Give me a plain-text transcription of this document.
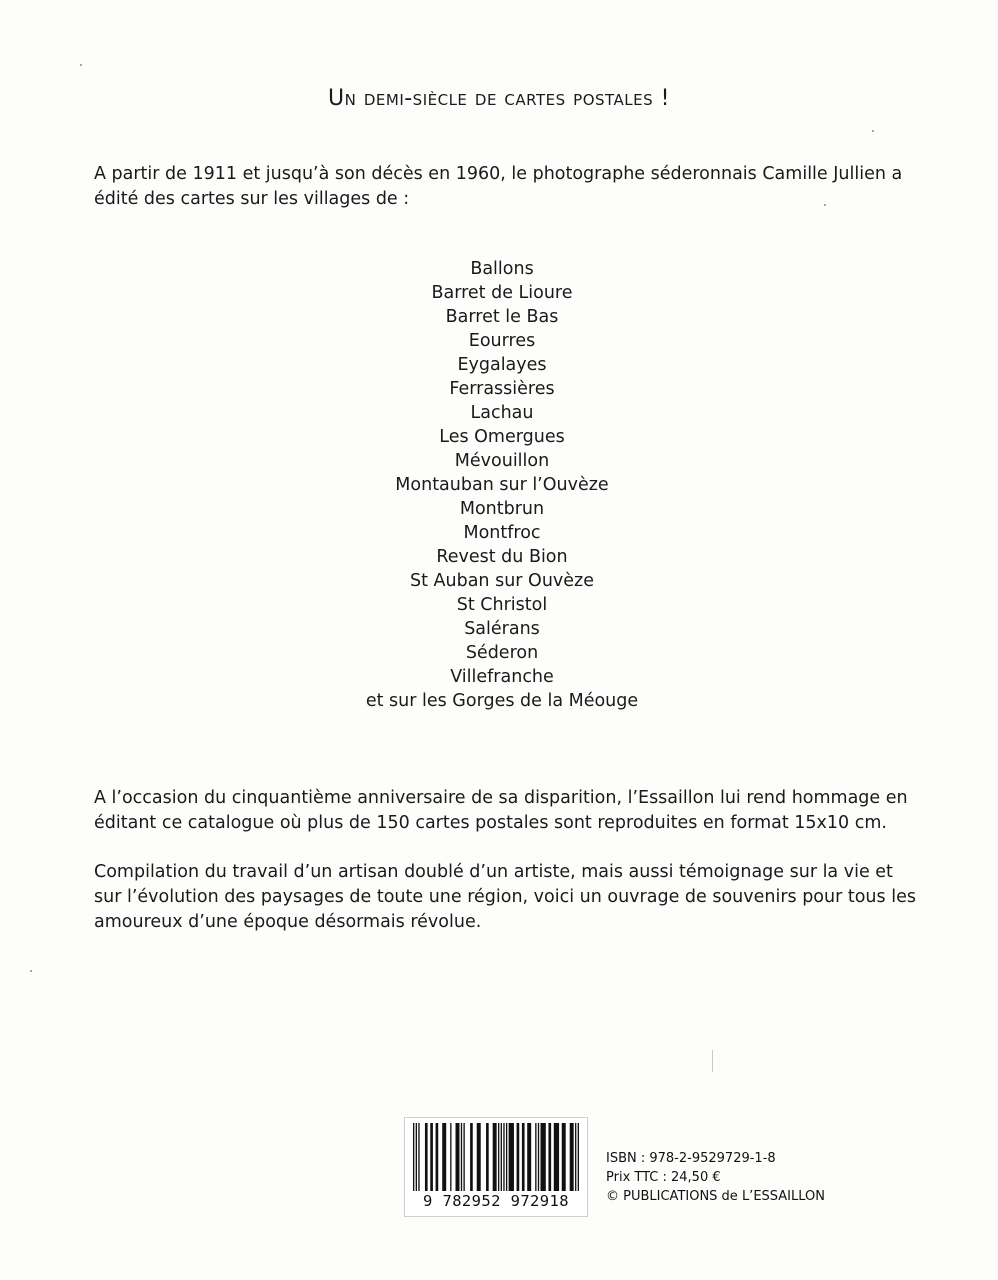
Un demi-siècle de cartes postales !

A partir de 1911 et jusqu’à son décès en 1960, le photographe séderonnais Camille Jullien a édité des cartes sur les villages de :

Ballons
Barret de Lioure
Barret le Bas
Eourres
Eygalayes
Ferrassières
Lachau
Les Omergues
Mévouillon
Montauban sur l’Ouvèze
Montbrun
Montfroc
Revest du Bion
St Auban sur Ouvèze
St Christol
Salérans
Séderon
Villefranche
et sur les Gorges de la Méouge

A l’occasion du cinquantième anniversaire de sa disparition, l’Essaillon lui rend hommage en éditant ce catalogue où plus de 150 cartes postales sont reproduites en format 15x10 cm.

Compilation du travail d’un artisan doublé d’un artiste, mais aussi témoignage sur la vie et sur l’évolution des paysages de toute une région, voici un ouvrage de souvenirs pour tous les amoureux d’une époque désormais révolue.

9 782952 972918
ISBN : 978-2-9529729-1-8
Prix TTC : 24,50 €
© PUBLICATIONS de L’ESSAILLON
